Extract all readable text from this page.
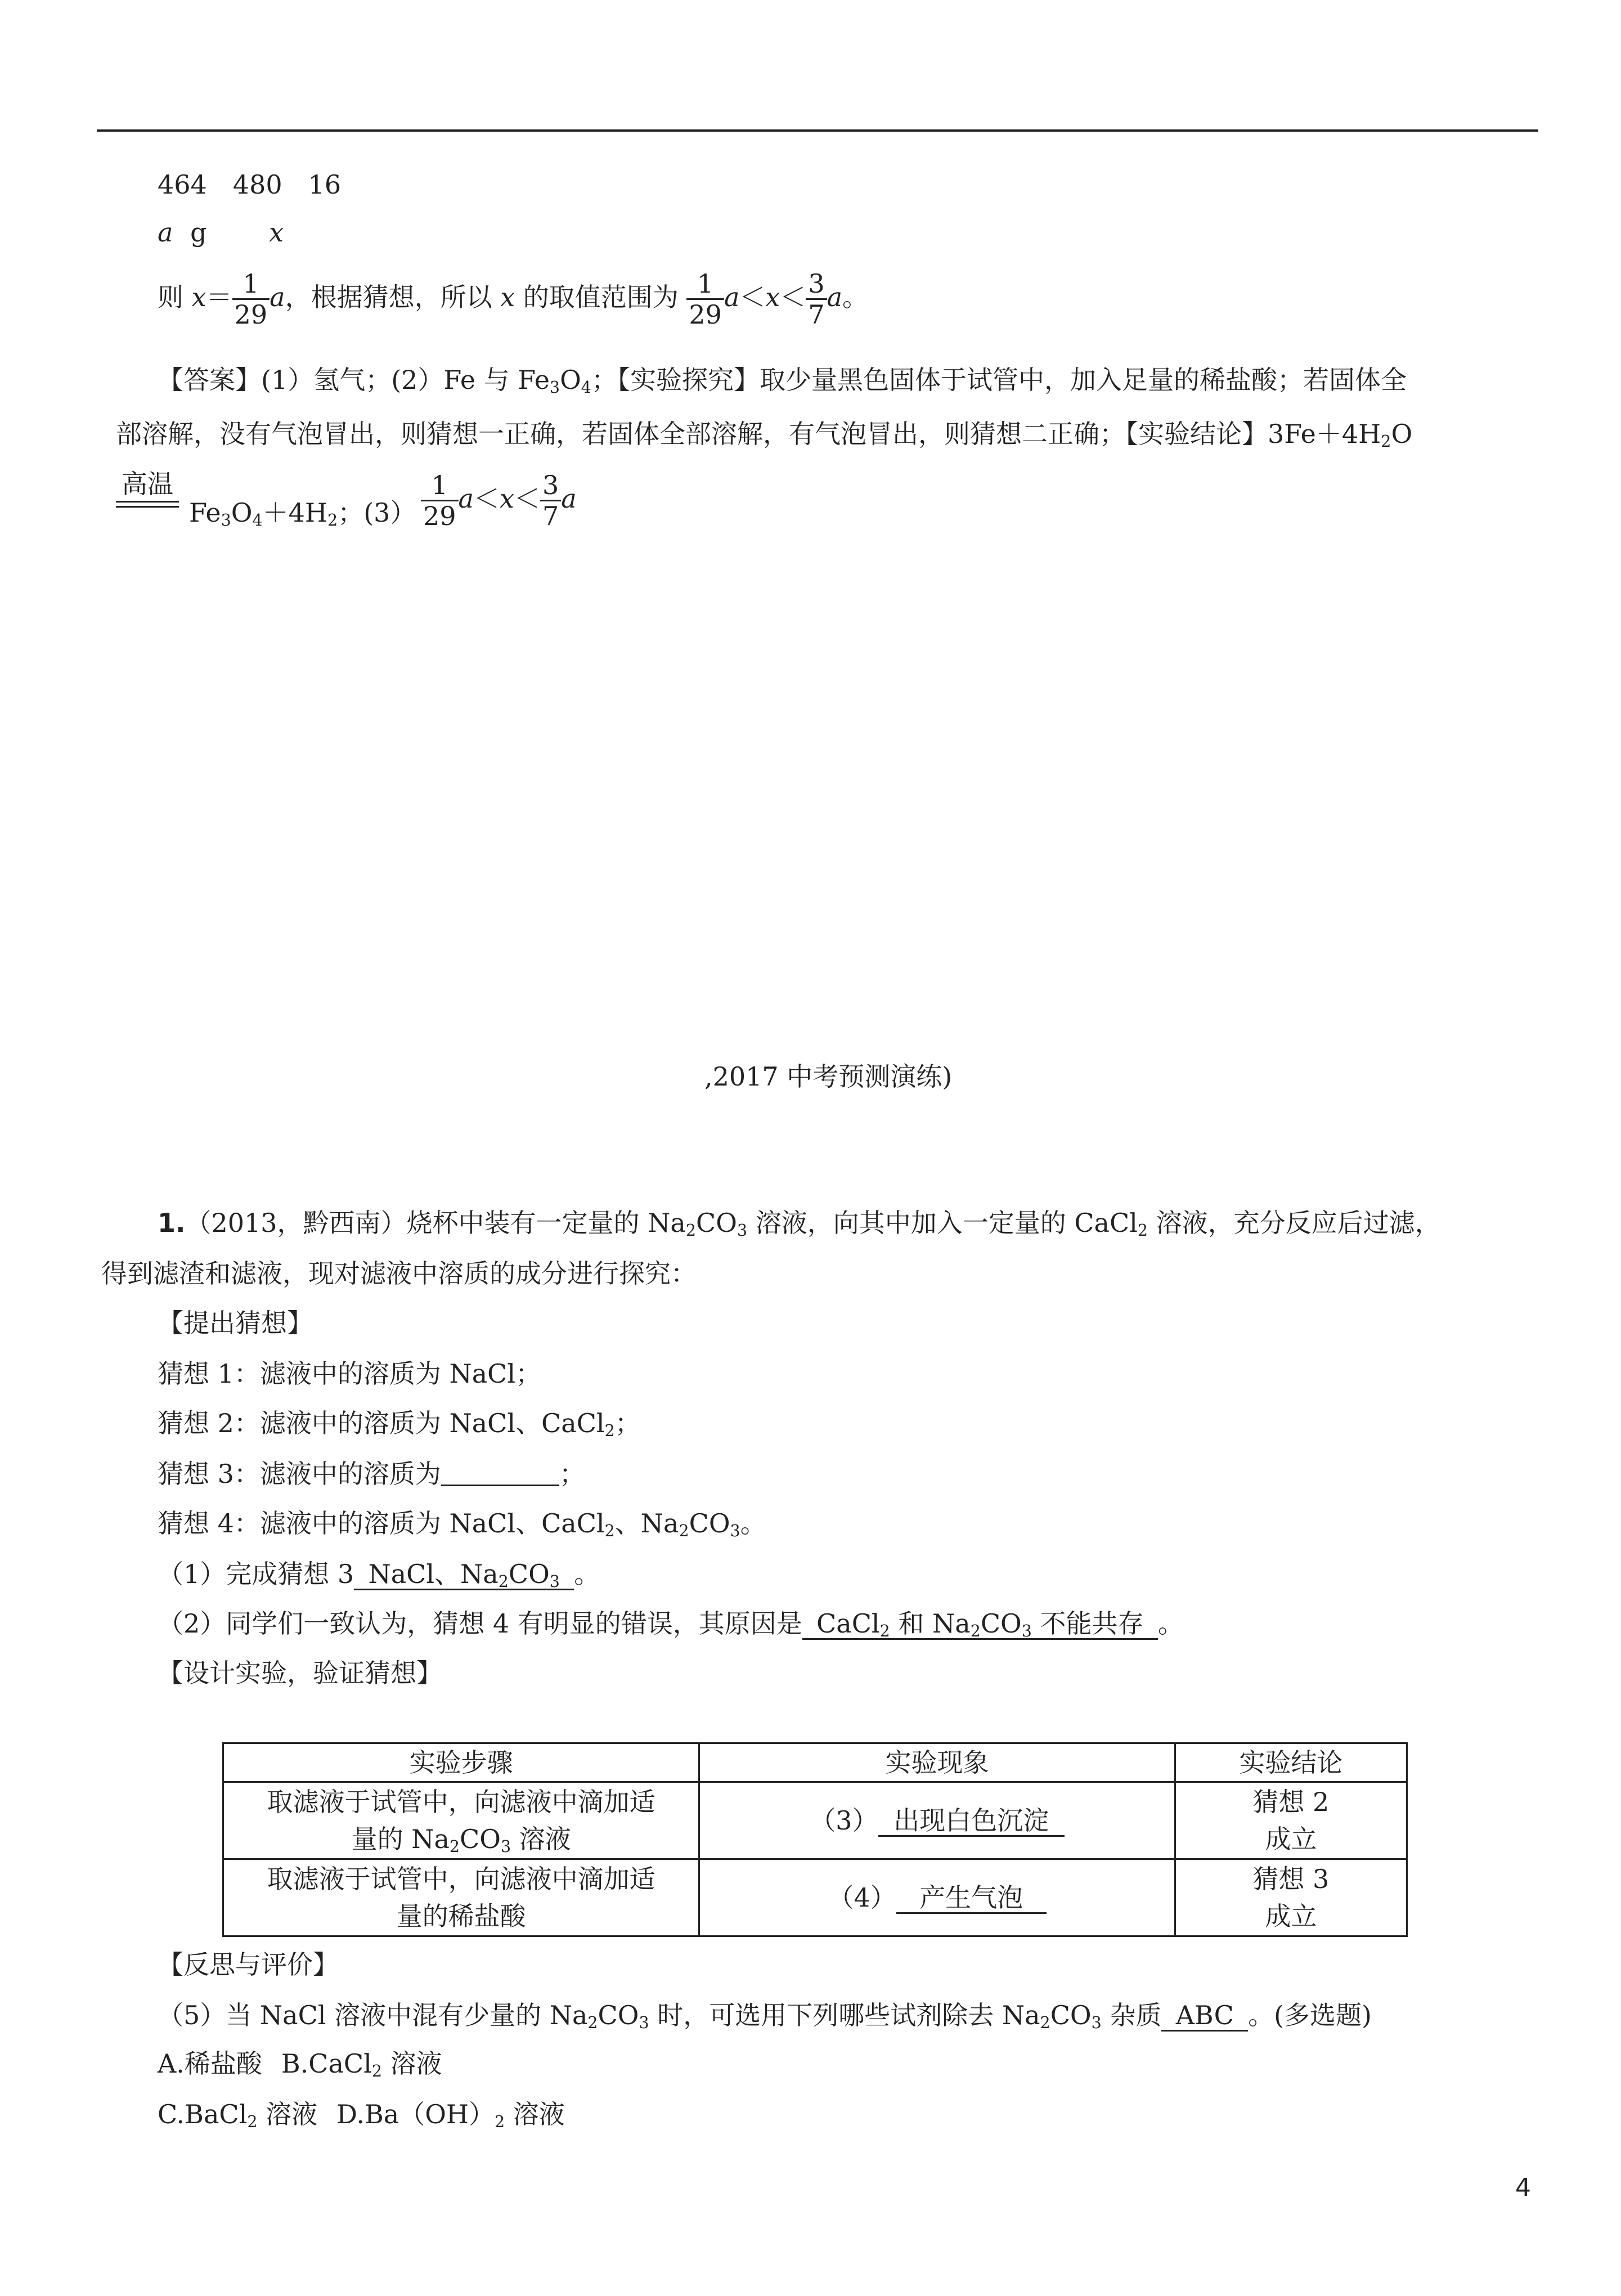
464　480　16
a g x
则 $x= \frac{1}{29}$ a，根据猜想，所以 x 的取值范围为 $\frac{1}{29} a<x< \frac{3}{7}$ a。
【答案】(1）氢气；(2）Fe 与 $Fe_3O_4$；【实验探究】取少量黑色固体于试管中，加入足量的稀盐酸；若固体全
部溶解，没有气泡冒出，则猜想一正确，若固体全部溶解，有气泡冒出，则猜想二正确；【实验结论】$3Fe+4H_2O$
高温
$Fe_3O_4+4H_2$；$(3) \frac{1}{29} a<x< \frac{3}{7}$ a
,2017 中考预测演练)
1.（2013，黔西南）烧杯中装有一定量的 $Na_2CO_3$ 溶液，向其中加入一定量的 CaCl$_2$ 溶液，充分反应后过滤，
得到滤渣和滤液，现对滤液中溶质的成分进行探究：
【提出猜想】
猜想 1：滤液中的溶质为 NaCl；
猜想 2：滤液中的溶质为 NaCl、CaCl$_2$；
猜想 3：滤液中的溶质为	；
猜想 4：滤液中的溶质为 NaCl、CaCl$_2$、$Na_2CO_3$。
（1）完成猜想 3 NaCl、$Na_2CO_3$ 。
（2）同学们一致认为，猜想 4 有明显的错误，其原因是 CaCl$_2$ 和 $Na_2CO_3$ 不能共存 。
【设计实验，验证猜想】
实验步骤	实验现象	实验结论
取滤液于试管中，向滤液中滴加适
量的 $Na_2CO_3$ 溶液	（3） 出现白色沉淀	猜想 2
成立
取滤液于试管中，向滤液中滴加适
量的稀盐酸	（4） 产生气泡	猜想 3
成立
【反思与评价】
（5）当 NaCl 溶液中混有少量的 $Na_2CO_3$ 时，可选用下列哪些试剂除去 $Na_2CO_3$ 杂质 ABC 。(多选题)
A.稀盐酸 B.CaCl$_2$ 溶液
C.BaCl$_2$ 溶液 $D.Ba(OH)_2$ 溶液
4
